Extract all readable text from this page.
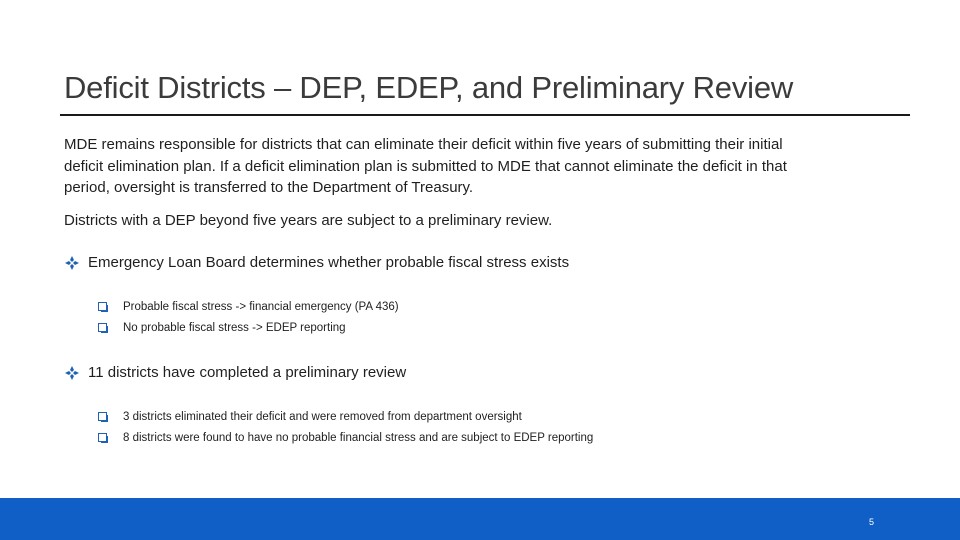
Deficit Districts – DEP, EDEP, and Preliminary Review
MDE remains responsible for districts that can eliminate their deficit within five years of submitting their initial deficit elimination plan. If a deficit elimination plan is submitted to MDE that cannot eliminate the deficit in that period, oversight is transferred to the Department of Treasury.
Districts with a DEP beyond five years are subject to a preliminary review.
Emergency Loan Board determines whether probable fiscal stress exists
Probable fiscal stress -> financial emergency (PA 436)
No probable fiscal stress -> EDEP reporting
11 districts have completed a preliminary review
3 districts eliminated their deficit and were removed from department oversight
8 districts were found to have no probable financial stress and are subject to EDEP reporting
5
